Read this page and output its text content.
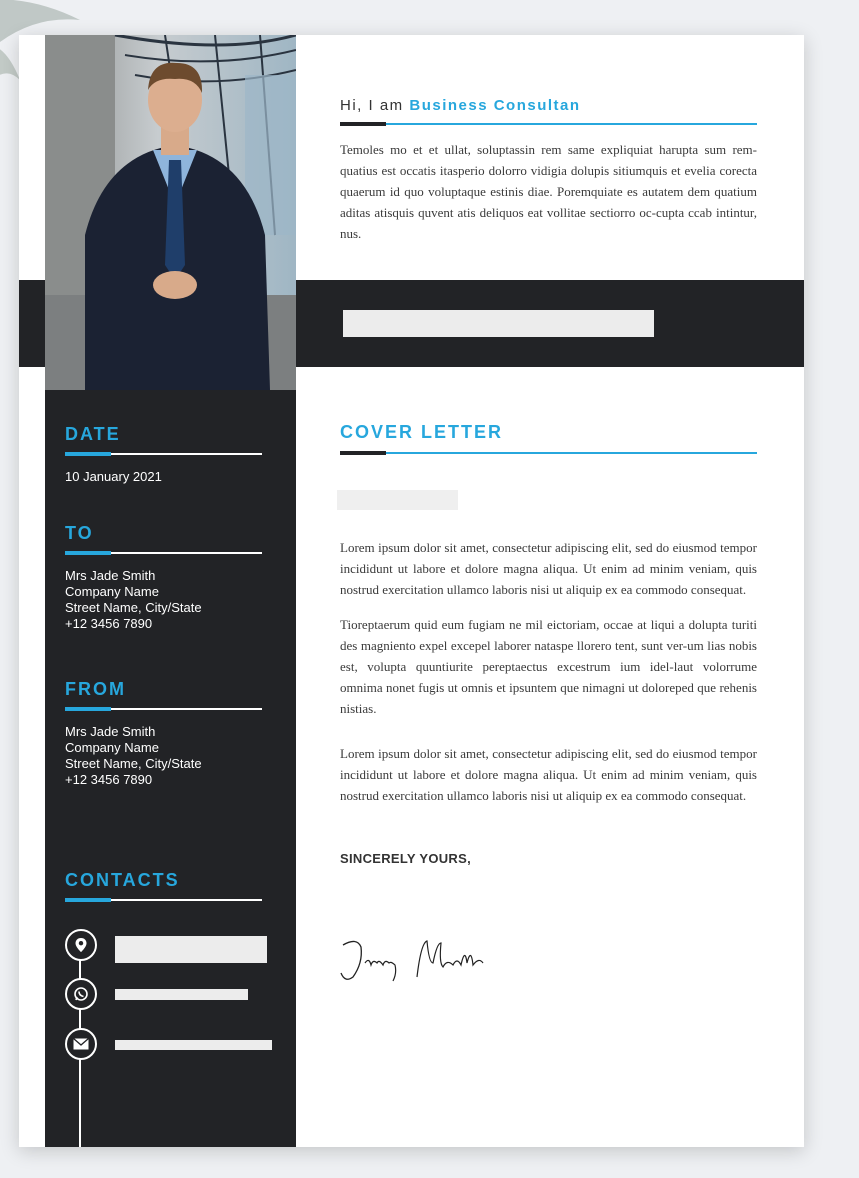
Hi, I am Business Consultan

Temoles mo et et ullat, soluptassin rem same expliquiat harupta sum rem-quatius est occatis itasperio dolorro vidigia dolupis sitiumquis et evelia corecta quaerum id quo voluptaque estinis diae. Poremquiate es autatem dem quatium aditas atisquis quvent atis deliquos eat vollitae sectiorro oc-cupta ccab intintur, nus.

COVER LETTER

Lorem ipsum dolor sit amet, consectetur adipiscing elit, sed do eiusmod tempor incididunt ut labore et dolore magna aliqua. Ut enim ad minim veniam, quis nostrud exercitation ullamco laboris nisi ut aliquip ex ea commodo consequat.

Tioreptaerum quid eum fugiam ne mil eictoriam, occae at liqui a dolupta turiti des magniento expel excepel laborer nataspe llorero tent, sunt ver-um lias nobis est, volupta quuntiurite pereptaectus excestrum ium idel-laut volorrume omnima nonet fugis ut omnis et ipsuntem que nimagni ut doloreped que rehenis nistias.

Lorem ipsum dolor sit amet, consectetur adipiscing elit, sed do eiusmod tempor incididunt ut labore et dolore magna aliqua. Ut enim ad minim veniam, quis nostrud exercitation ullamco laboris nisi ut aliquip ex ea commodo consequat.

SINCERELY YOURS,
DATE
10 January 2021
TO
Mrs Jade Smith
Company Name
Street Name, City/State
+12 3456 7890
FROM
Mrs Jade Smith
Company Name
Street Name, City/State
+12 3456 7890
CONTACTS
